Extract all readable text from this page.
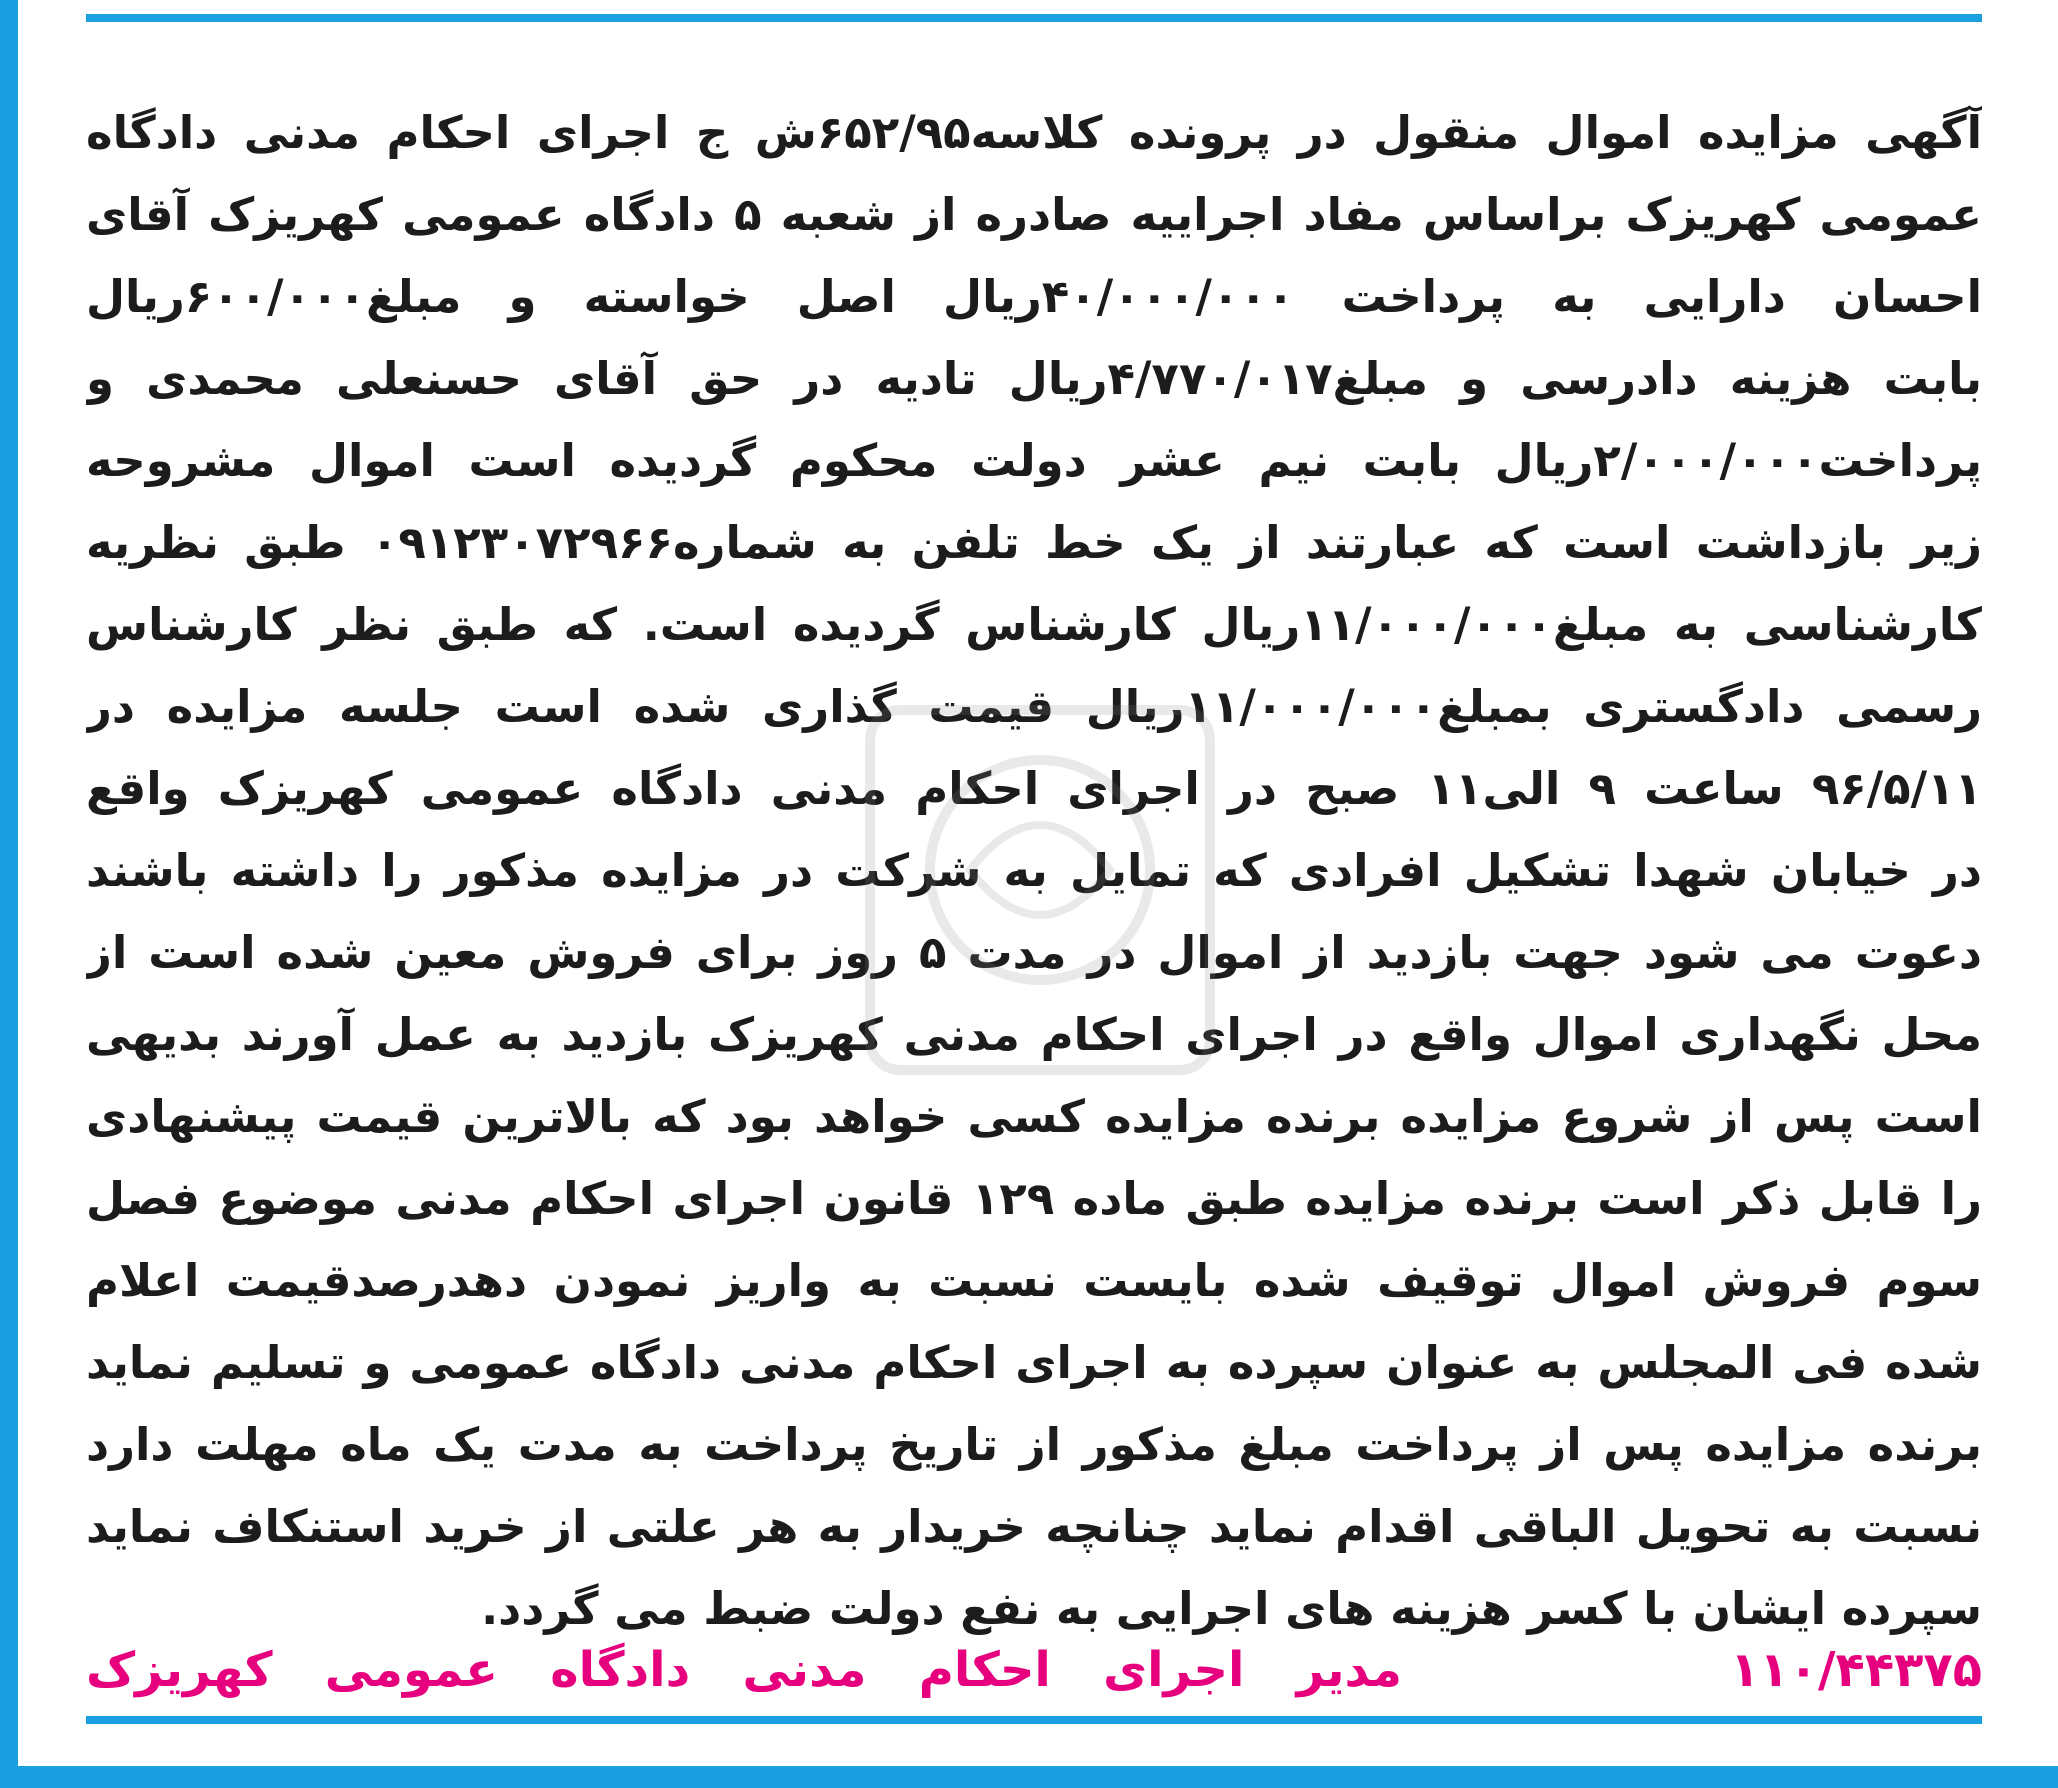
آگهی مزایده اموال منقول در پرونده کلاسه۶۵۲/۹۵ش ج اجرای احکام مدنی دادگاه
عمومی کهریزک براساس مفاد اجراییه صادره از شعبه ۵ دادگاه عمومی کهریزک آقای
احسان دارایی به پرداخت ۴۰/۰۰۰/۰۰۰ریال اصل خواسته و مبلغ۶۰۰/۰۰۰ریال
بابت هزینه دادرسی و مبلغ۴/۷۷۰/۰۱۷ریال تادیه در حق آقای حسنعلی محمدی و
پرداخت۲/۰۰۰/۰۰۰ریال بابت نیم عشر دولت محکوم گردیده است اموال مشروحه
زیر بازداشت است که عبارتند از یک خط تلفن به شماره۰۹۱۲۳۰۷۲۹۶۶ طبق نظریه
کارشناسی به مبلغ۱۱/۰۰۰/۰۰۰ریال کارشناس گردیده است. که طبق نظر کارشناس
رسمی دادگستری بمبلغ۱۱/۰۰۰/۰۰۰ریال قیمت گذاری شده است جلسه مزایده در
۹۶/۵/۱۱ ساعت ۹ الی۱۱ صبح در اجرای احکام مدنی دادگاه عمومی کهریزک واقع
در خیابان شهدا تشکیل افرادی که تمایل به شرکت در مزایده مذکور را داشته باشند
دعوت می شود جهت بازدید از اموال در مدت ۵ روز برای فروش معین شده است از
محل نگهداری اموال واقع در اجرای احکام مدنی کهریزک بازدید به عمل آورند بدیهی
است پس از شروع مزایده برنده مزایده کسی خواهد بود که بالاترین قیمت پیشنهادی
را قابل ذکر است برنده مزایده طبق ماده ۱۲۹ قانون اجرای احکام مدنی موضوع فصل
سوم فروش اموال توقیف شده بایست نسبت به واریز نمودن دهدرصدقیمت اعلام
شده فی المجلس به عنوان سپرده به اجرای احکام مدنی دادگاه عمومی و تسلیم نماید
برنده مزایده پس از پرداخت مبلغ مذکور از تاریخ پرداخت به مدت یک ماه مهلت دارد
نسبت به تحویل الباقی اقدام نماید چنانچه خریدار به هر علتی از خرید استنکاف نماید
سپرده ایشان با کسر هزینه های اجرایی به نفع دولت ضبط می گردد.
۱۱۰/۴۴۳۷۵
مدیر اجرای احکام مدنی دادگاه عمومی کهریزک
